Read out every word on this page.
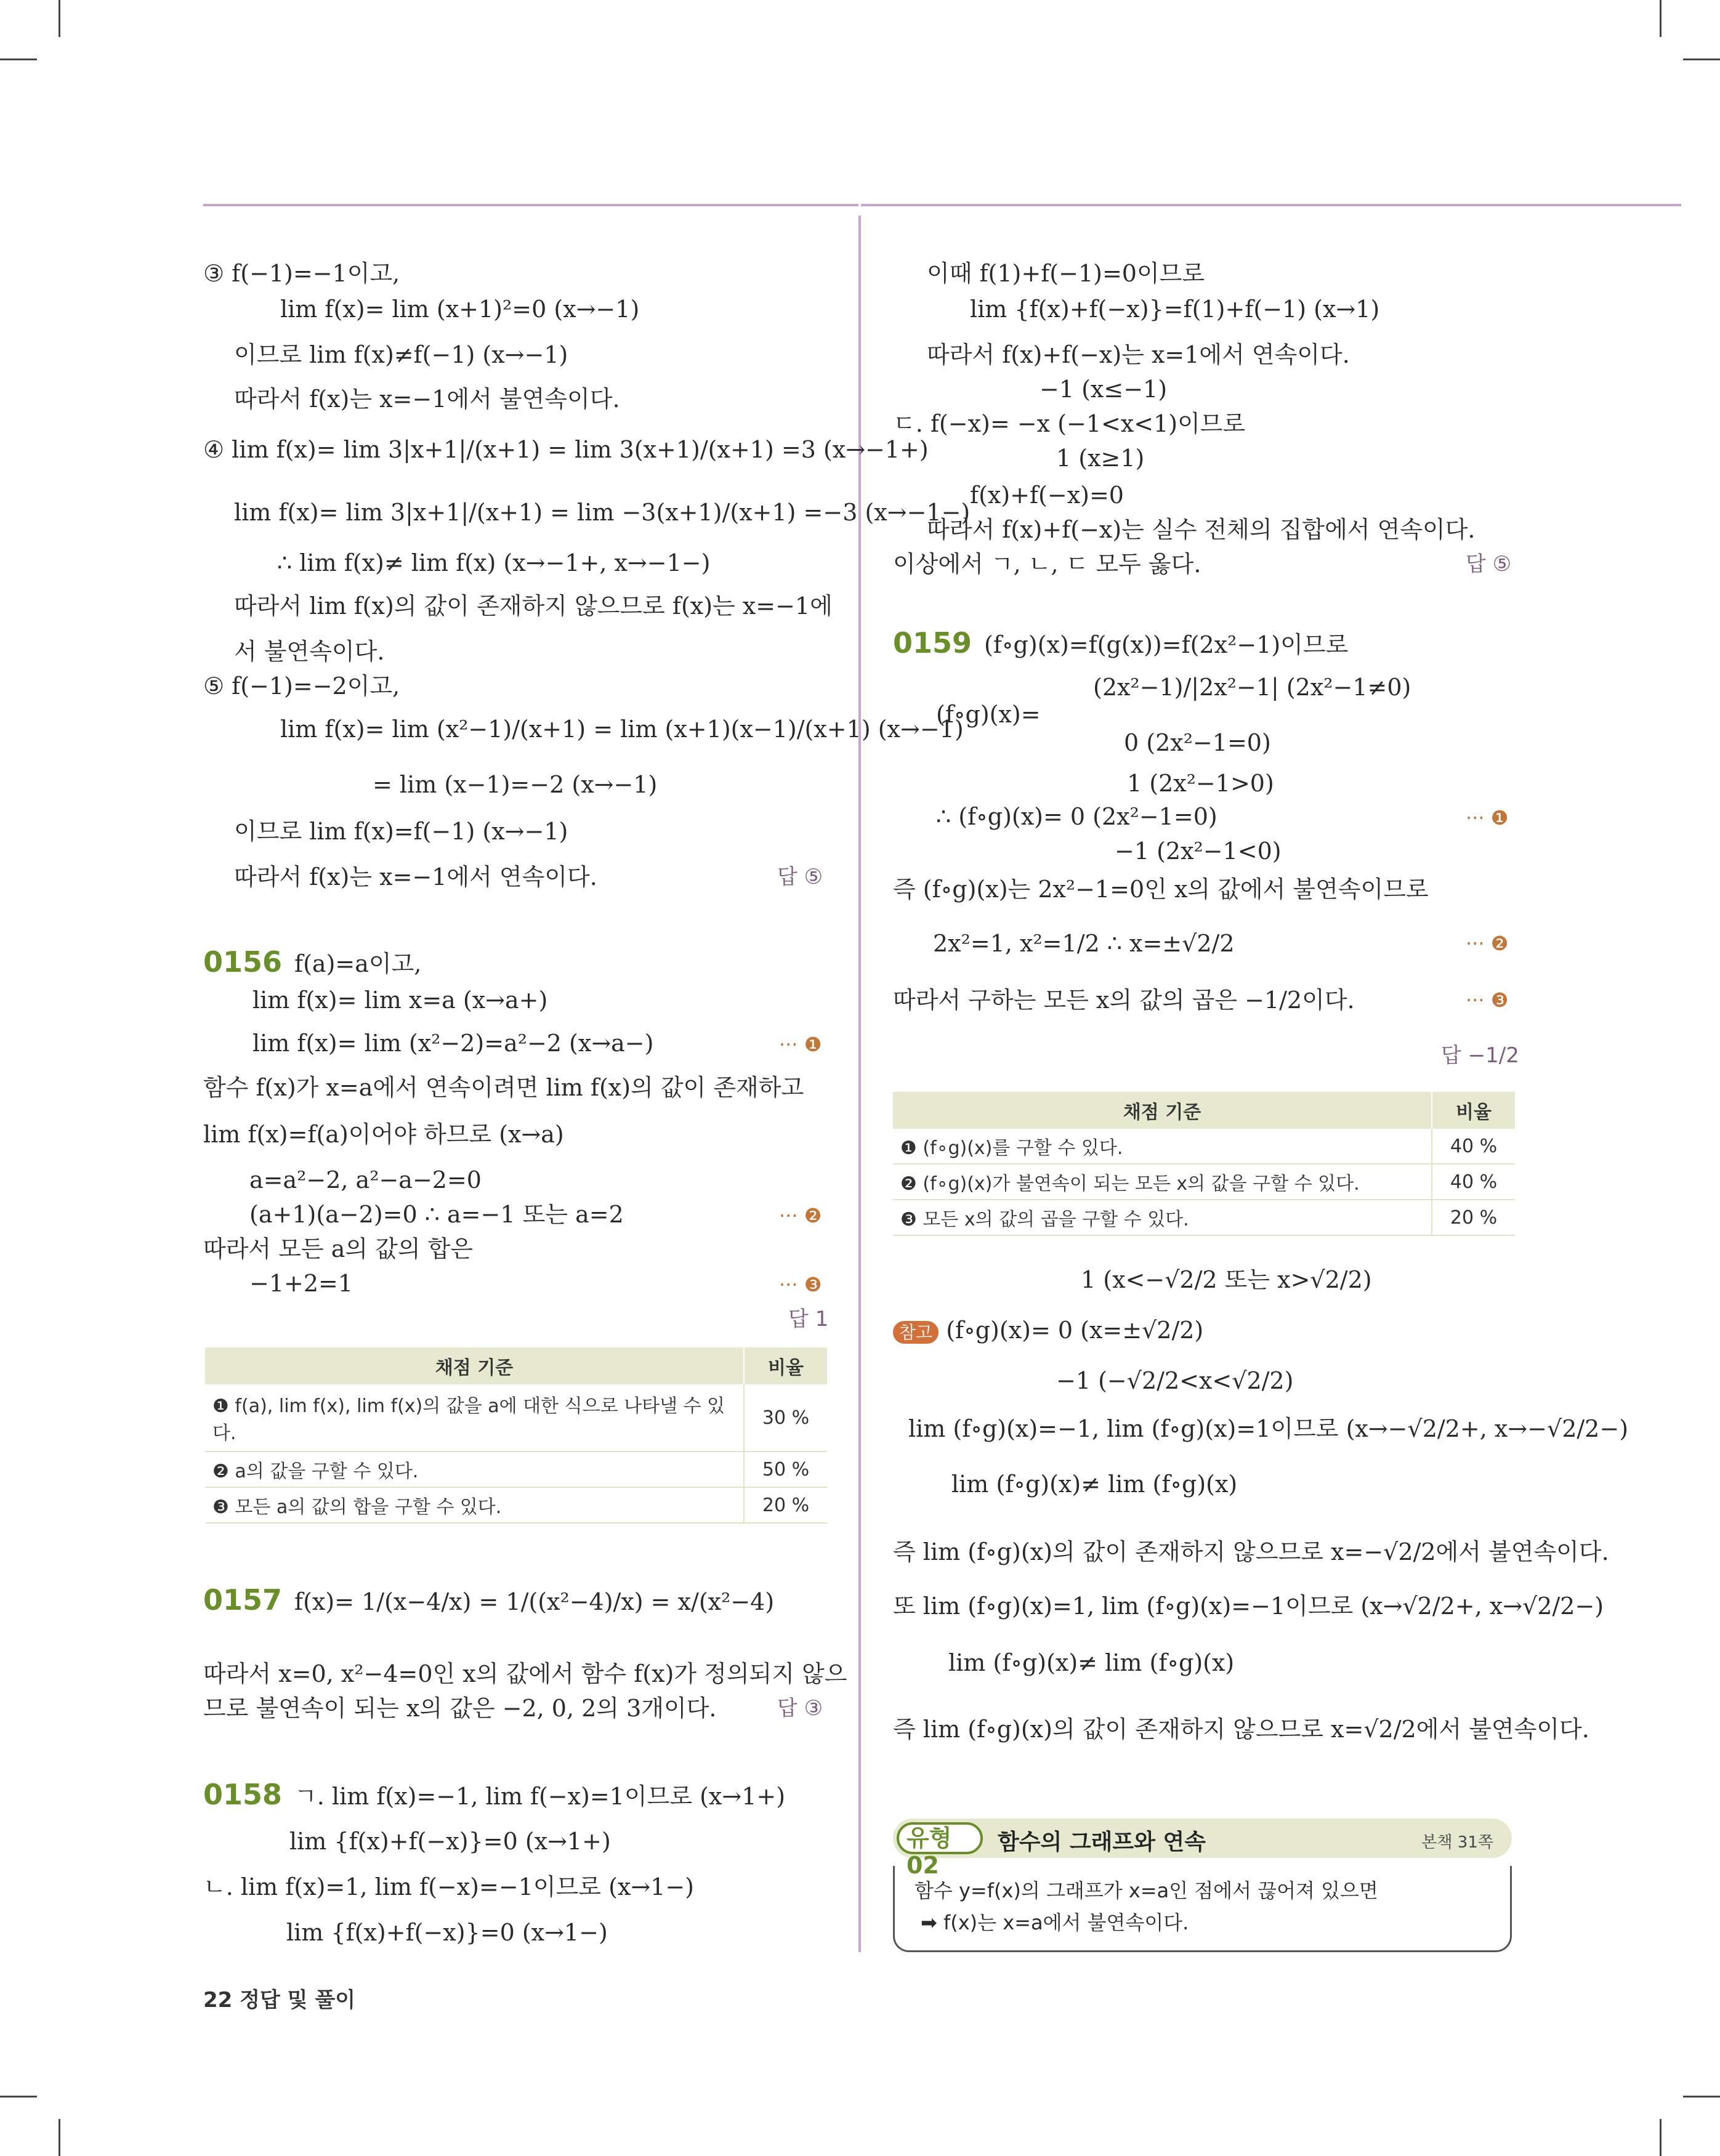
③ f(−1)=−1이고,
lim f(x)= lim (x+1)²=0 (x→−1)
이므로 lim f(x)≠f(−1) (x→−1)
따라서 f(x)는 x=−1에서 불연속이다.
④ lim f(x)= lim 3|x+1|/(x+1) = lim 3(x+1)/(x+1) =3 (x→−1+)
lim f(x)= lim 3|x+1|/(x+1) = lim −3(x+1)/(x+1) =−3 (x→−1−)
∴ lim f(x)≠ lim f(x) (x→−1+, x→−1−)
따라서 lim f(x)의 값이 존재하지 않으므로 f(x)는 x=−1에
서 불연속이다.
⑤ f(−1)=−2이고,
lim f(x)= lim (x²−1)/(x+1) = lim (x+1)(x−1)/(x+1) (x→−1)
= lim (x−1)=−2 (x→−1)
이므로 lim f(x)=f(−1) (x→−1)
따라서 f(x)는 x=−1에서 연속이다.	답 ⑤
0156 f(a)=a이고,
lim f(x)= lim x=a (x→a+)
lim f(x)= lim (x²−2)=a²−2 (x→a−)	··· ❶
함수 f(x)가 x=a에서 연속이려면 lim f(x)의 값이 존재하고
lim f(x)=f(a)이어야 하므로 (x→a)
a=a²−2, a²−a−2=0
(a+1)(a−2)=0 ∴ a=−1 또는 a=2	··· ❷
따라서 모든 a의 값의 합은
−1+2=1	··· ❸
답 1
채점 기준	비율
❶ f(a), lim f(x), lim f(x)의 값을 a에 대한 식으로 나타낼 수 있다.	30 %
❷ a의 값을 구할 수 있다.	50 %
❸ 모든 a의 값의 합을 구할 수 있다.	20 %
0157 f(x)= 1/(x−4/x) = 1/((x²−4)/x) = x/(x²−4)
따라서 x=0, x²−4=0인 x의 값에서 함수 f(x)가 정의되지 않으
므로 불연속이 되는 x의 값은 −2, 0, 2의 3개이다.	답 ③
0158 ㄱ. lim f(x)=−1, lim f(−x)=1이므로 (x→1+)
lim {f(x)+f(−x)}=0 (x→1+)
ㄴ. lim f(x)=1, lim f(−x)=−1이므로 (x→1−)
lim {f(x)+f(−x)}=0 (x→1−)
이때 f(1)+f(−1)=0이므로
lim {f(x)+f(−x)}=f(1)+f(−1) (x→1)
따라서 f(x)+f(−x)는 x=1에서 연속이다.
−1 (x≤−1)
ㄷ. f(−x)= −x (−1<x<1)이므로
1 (x≥1)
f(x)+f(−x)=0
따라서 f(x)+f(−x)는 실수 전체의 집합에서 연속이다.
이상에서 ㄱ, ㄴ, ㄷ 모두 옳다.	답 ⑤
0159 (f∘g)(x)=f(g(x))=f(2x²−1)이므로
(2x²−1)/|2x²−1| (2x²−1≠0)
(f∘g)(x)=
0 (2x²−1=0)
1 (2x²−1>0)
∴ (f∘g)(x)= 0 (2x²−1=0)	··· ❶
−1 (2x²−1<0)
즉 (f∘g)(x)는 2x²−1=0인 x의 값에서 불연속이므로
2x²=1, x²=1/2 ∴ x=±√2/2	··· ❷
따라서 구하는 모든 x의 값의 곱은 −1/2이다.	··· ❸
답 −1/2
채점 기준	비율
❶ (f∘g)(x)를 구할 수 있다.	40 %
❷ (f∘g)(x)가 불연속이 되는 모든 x의 값을 구할 수 있다.	40 %
❸ 모든 x의 값의 곱을 구할 수 있다.	20 %
1 (x<−√2/2 또는 x>√2/2)
참고 (f∘g)(x)= 0 (x=±√2/2)
−1 (−√2/2<x<√2/2)
lim (f∘g)(x)=−1, lim (f∘g)(x)=1이므로 (x→−√2/2+, x→−√2/2−)
lim (f∘g)(x)≠ lim (f∘g)(x)
즉 lim (f∘g)(x)의 값이 존재하지 않으므로 x=−√2/2에서 불연속이다.
또 lim (f∘g)(x)=1, lim (f∘g)(x)=−1이므로 (x→√2/2+, x→√2/2−)
lim (f∘g)(x)≠ lim (f∘g)(x)
즉 lim (f∘g)(x)의 값이 존재하지 않으므로 x=√2/2에서 불연속이다.
유형 02
함수의 그래프와 연속	본책 31쪽
함수 y=f(x)의 그래프가 x=a인 점에서 끊어져 있으면
➡ f(x)는 x=a에서 불연속이다.
22 정답 및 풀이
